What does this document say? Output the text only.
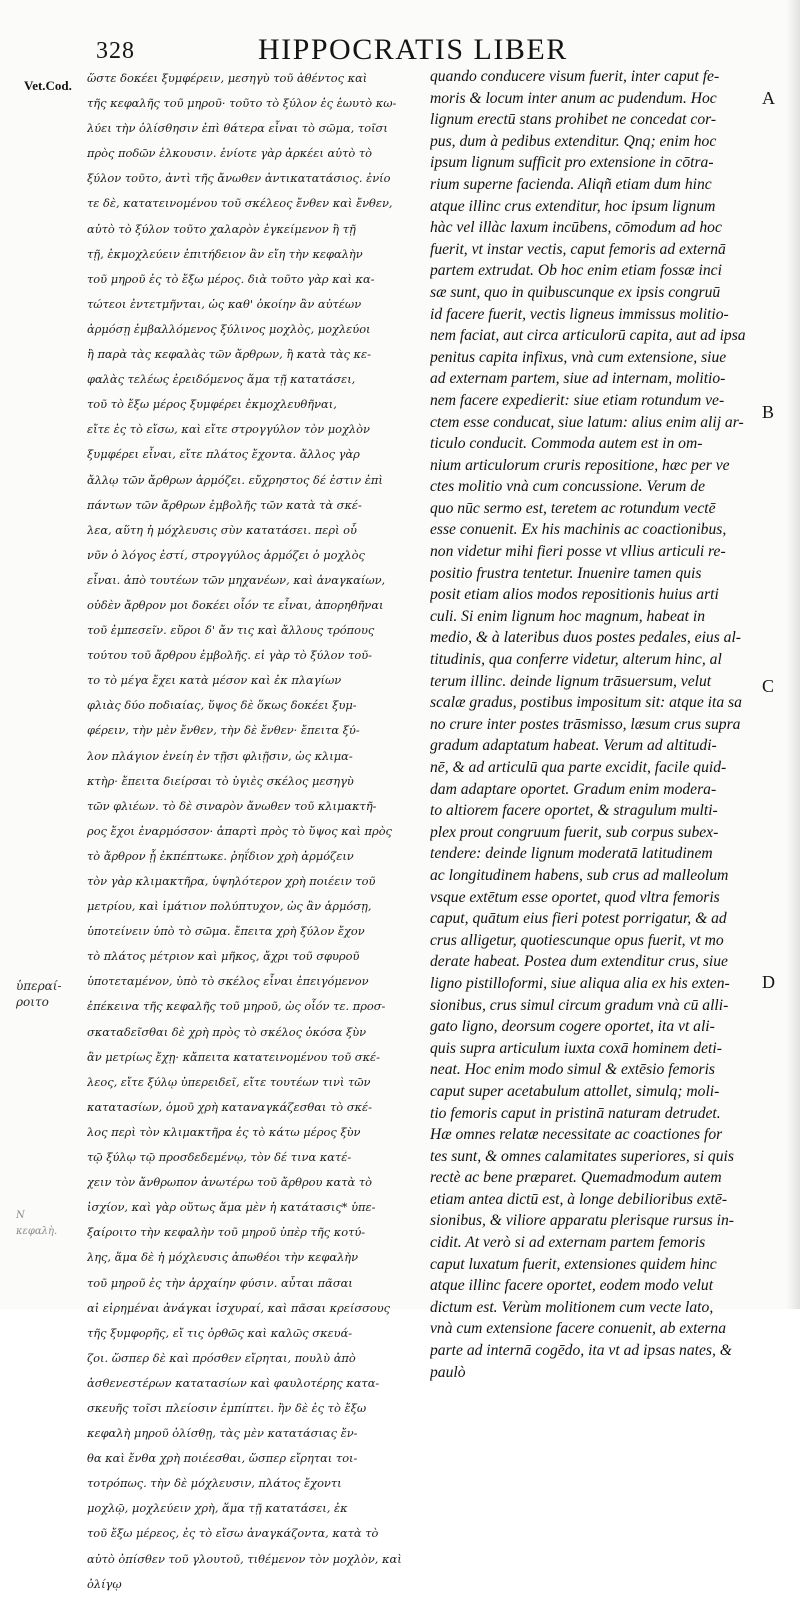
328	HIPPOCRATIS LIBER
Vet.Cod.
ὑπεραί-
ροιτο
Ν
κεφαλὴ.
ὥστε δοκέει ξυμφέρειν, μεσηγὺ τοῦ ἀθέντος καὶ
τῆς κεφαλῆς τοῦ μηροῦ· τοῦτο τὸ ξύλον ἐς ἑωυτὸ κω-
λύει τὴν ὀλίσθησιν ἐπὶ θάτερα εἶναι τὸ σῶμα, τοῖσι
πρὸς ποδῶν ἑλκουσιν. ἐνίοτε γὰρ ἀρκέει αὐτὸ τὸ
ξύλον τοῦτο, ἀντὶ τῆς ἄνωθεν ἀντικατατάσιος. ἐνίο
τε δὲ, κατατεινομένου τοῦ σκέλεος ἔνθεν καὶ ἔνθεν,
αὐτὸ τὸ ξύλον τοῦτο χαλαρὸν ἐγκείμενον ἢ τῇ
τῇ, ἐκμοχλεύειν ἐπιτήδειον ἂν εἴη τὴν κεφαλὴν
τοῦ μηροῦ ἐς τὸ ἔξω μέρος. διὰ τοῦτο γὰρ καὶ κα-
τώτεοι ἐντετμῆνται, ὡς καθ' ὁκοίην ἂν αὐτέων
ἁρμόσῃ ἐμβαλλόμενος ξύλινος μοχλὸς, μοχλεύοι
ἢ παρὰ τὰς κεφαλὰς τῶν ἄρθρων, ἢ κατὰ τὰς κε-
φαλὰς τελέως ἐρειδόμενος ἅμα τῇ κατατάσει,
τοῦ τὸ ἔξω μέρος ξυμφέρει ἐκμοχλευθῆναι,
εἴτε ἐς τὸ εἴσω, καὶ εἴτε στρογγύλον τὸν μοχλὸν
ξυμφέρει εἶναι, εἴτε πλάτος ἔχοντα. ἄλλος γὰρ
ἄλλῳ τῶν ἄρθρων ἁρμόζει. εὔχρηστος δέ ἐστιν ἐπὶ
πάντων τῶν ἄρθρων ἐμβολῆς τῶν κατὰ τὰ σκέ-
λεα, αὕτη ἡ μόχλευσις σὺν κατατάσει. περὶ οὗ
νῦν ὁ λόγος ἐστί, στρογγύλος ἁρμόζει ὁ μοχλὸς
εἶναι. ἀπὸ τουτέων τῶν μηχανέων, καὶ ἀναγκαίων,
οὐδὲν ἄρθρον μοι δοκέει οἷόν τε εἶναι, ἀπορηθῆναι
τοῦ ἐμπεσεῖν. εὕροι δ' ἄν τις καὶ ἄλλους τρόπους
τούτου τοῦ ἄρθρου ἐμβολῆς. εἰ γὰρ τὸ ξύλον τοῦ-
το τὸ μέγα ἔχει κατὰ μέσον καὶ ἐκ πλαγίων
φλιὰς δύο ποδιαίας, ὕψος δὲ ὅκως δοκέει ξυμ-
φέρειν, τὴν μὲν ἔνθεν, τὴν δὲ ἔνθεν· ἔπειτα ξύ-
λον πλάγιον ἐνείη ἐν τῇσι φλιῇσιν, ὡς κλιμα-
κτὴρ· ἔπειτα διείρσαι τὸ ὑγιὲς σκέλος μεσηγὺ
τῶν φλιέων. τὸ δὲ σιναρὸν ἄνωθεν τοῦ κλιμακτῆ-
ρος ἔχοι ἐναρμόσσον· ἀπαρτὶ πρὸς τὸ ὕψος καὶ πρὸς
τὸ ἄρθρον ᾗ ἐκπέπτωκε. ῥηΐδιον χρὴ ἁρμόζειν
τὸν γὰρ κλιμακτῆρα, ὑψηλότερον χρὴ ποιέειν τοῦ
μετρίου, καὶ ἱμάτιον πολύπτυχον, ὡς ἂν ἁρμόσῃ,
ὑποτείνειν ὑπὸ τὸ σῶμα. ἔπειτα χρὴ ξύλον ἔχον
τὸ πλάτος μέτριον καὶ μῆκος, ἄχρι τοῦ σφυροῦ
ὑποτεταμένον, ὑπὸ τὸ σκέλος εἶναι ἐπειγόμενον
ἐπέκεινα τῆς κεφαλῆς τοῦ μηροῦ, ὡς οἷόν τε. προσ-
σκαταδεῖσθαι δὲ χρὴ πρὸς τὸ σκέλος ὁκόσα ξὺν
ἂν μετρίως ἔχῃ· κἄπειτα κατατεινομένου τοῦ σκέ-
λεος, εἴτε ξύλῳ ὑπερειδεῖ, εἴτε τουτέων τινὶ τῶν
κατατασίων, ὁμοῦ χρὴ καταναγκάζεσθαι τὸ σκέ-
λος περὶ τὸν κλιμακτῆρα ἐς τὸ κάτω μέρος ξὺν
τῷ ξύλῳ τῷ προσδεδεμένῳ, τὸν δέ τινα κατέ-
χειν τὸν ἄνθρωπον ἀνωτέρω τοῦ ἄρθρου κατὰ τὸ
ἰσχίον, καὶ γὰρ οὕτως ἅμα μὲν ἡ κατάτασις* ὑπε-
ξαίροιτο τὴν κεφαλὴν τοῦ μηροῦ ὑπὲρ τῆς κοτύ-
λης, ἅμα δὲ ἡ μόχλευσις ἀπωθέοι τὴν κεφαλὴν
τοῦ μηροῦ ἐς τὴν ἀρχαίην φύσιν. αὗται πᾶσαι
αἱ εἰρημέναι ἀνάγκαι ἰσχυραί, καὶ πᾶσαι κρείσσους
τῆς ξυμφορῆς, εἴ τις ὀρθῶς καὶ καλῶς σκευά-
ζοι. ὥσπερ δὲ καὶ πρόσθεν εἴρηται, πουλὺ ἀπὸ
ἀσθενεστέρων κατατασίων καὶ φαυλοτέρης κατα-
σκευῆς τοῖσι πλείοσιν ἐμπίπτει. ἢν δὲ ἐς τὸ ἔξω
κεφαλὴ μηροῦ ὀλίσθῃ, τὰς μὲν κατατάσιας ἔν-
θα καὶ ἔνθα χρὴ ποιέεσθαι, ὥσπερ εἴρηται τοι-
τοτρόπως. τὴν δὲ μόχλευσιν, πλάτος ἔχοντι
μοχλῷ, μοχλεύειν χρὴ, ἅμα τῇ κατατάσει, ἐκ
τοῦ ἔξω μέρεος, ἐς τὸ εἴσω ἀναγκάζοντα, κατὰ τὸ
αὐτὸ ὀπίσθεν τοῦ γλουτοῦ, τιθέμενον τὸν μοχλὸν, καὶ
ὀλίγῳ
quando conducere visum fuerit, inter caput fe-
moris & locum inter anum ac pudendum. Hoc
lignum erectū stans prohibet ne concedat cor-
pus, dum à pedibus extenditur. Qnq; enim hoc
ipsum lignum sufficit pro extensione in cōtra-
rium superne facienda. Aliqñ etiam dum hinc
atque illinc crus extenditur, hoc ipsum lignum
hàc vel illàc laxum incūbens, cōmodum ad hoc
fuerit, vt instar vectis, caput femoris ad externā
partem extrudat. Ob hoc enim etiam fossæ inci
sæ sunt, quo in quibuscunque ex ipsis congruū
id facere fuerit, vectis ligneus immissus molitio-
nem faciat, aut circa articulorū capita, aut ad ipsa
penitus capita infixus, vnà cum extensione, siue
ad externam partem, siue ad internam, molitio-
nem facere expedierit: siue etiam rotundum ve-
ctem esse conducat, siue latum: alius enim alij ar-
ticulo conducit. Commoda autem est in om-
nium articulorum cruris repositione, hæc per ve
ctes molitio vnà cum concussione. Verum de
quo nūc sermo est, teretem ac rotundum vectē
esse conuenit. Ex his machinis ac coactionibus,
non videtur mihi fieri posse vt vllius articuli re-
positio frustra tentetur. Inuenire tamen quis
posit etiam alios modos repositionis huius arti
culi. Si enim lignum hoc magnum, habeat in
medio, & à lateribus duos postes pedales, eius al-
titudinis, qua conferre videtur, alterum hinc, al
terum illinc. deinde lignum trāsuersum, velut
scalæ gradus, postibus impositum sit: atque ita sa
no crure inter postes trāsmisso, læsum crus supra
gradum adaptatum habeat. Verum ad altitudi-
nē, & ad articulū qua parte excidit, facile quid-
dam adaptare oportet. Gradum enim modera-
to altiorem facere oportet, & stragulum multi-
plex prout congruum fuerit, sub corpus subex-
tendere: deinde lignum moderatā latitudinem
ac longitudinem habens, sub crus ad malleolum
vsque extētum esse oportet, quod vltra femoris
caput, quātum eius fieri potest porrigatur, & ad
crus alligetur, quotiescunque opus fuerit, vt mo
derate habeat. Postea dum extenditur crus, siue
ligno pistilloformi, siue aliqua alia ex his exten-
sionibus, crus simul circum gradum vnà cū alli-
gato ligno, deorsum cogere oportet, ita vt ali-
quis supra articulum iuxta coxā hominem deti-
neat. Hoc enim modo simul & extēsio femoris
caput super acetabulum attollet, simulq; moli-
tio femoris caput in pristinā naturam detrudet.
Hæ omnes relatæ necessitate ac coactiones for
tes sunt, & omnes calamitates superiores, si quis
rectè ac bene præparet. Quemadmodum autem
etiam antea dictū est, à longe debilioribus extē-
sionibus, & viliore apparatu plerisque rursus in-
cidit. At verò si ad externam partem femoris
caput luxatum fuerit, extensiones quidem hinc
atque illinc facere oportet, eodem modo velut
dictum est. Verùm molitionem cum vecte lato,
vnà cum extensione facere conuenit, ab externa
parte ad internā cogēdo, ita vt ad ipsas nates, &
paulò
A
B
C
D
